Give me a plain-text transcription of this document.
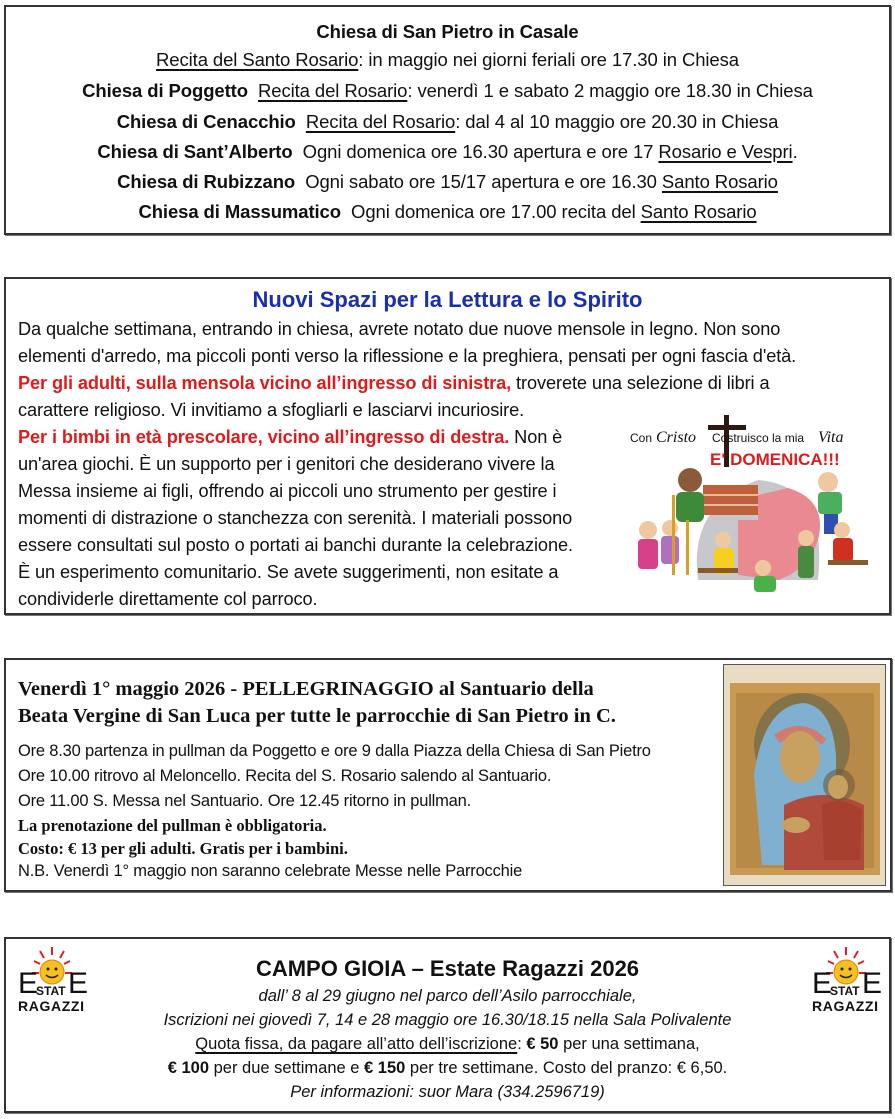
Chiesa di San Pietro in Casale
Recita del Santo Rosario: in maggio nei giorni feriali ore 17.30 in Chiesa
Chiesa di Poggetto Recita del Rosario: venerdì 1 e sabato 2 maggio ore 18.30 in Chiesa
Chiesa di Cenacchio Recita del Rosario: dal 4 al 10 maggio ore 20.30 in Chiesa
Chiesa di Sant’Alberto Ogni domenica ore 16.30 apertura e ore 17 Rosario e Vespri.
Chiesa di Rubizzano Ogni sabato ore 15/17 apertura e ore 16.30 Santo Rosario
Chiesa di Massumatico Ogni domenica ore 17.00 recita del Santo Rosario
Nuovi Spazi per la Lettura e lo Spirito
Da qualche settimana, entrando in chiesa, avrete notato due nuove mensole in legno. Non sono
elementi d'arredo, ma piccoli ponti verso la riflessione e la preghiera, pensati per ogni fascia d'età.
Per gli adulti, sulla mensola vicino all’ingresso di sinistra, troverete una selezione di libri a
carattere religioso. Vi invitiamo a sfogliarli e lasciarvi incuriosire.
Per i bimbi in età prescolare, vicino all’ingresso di destra. Non è
un'area giochi. È un supporto per i genitori che desiderano vivere la
Messa insieme ai figli, offrendo ai piccoli uno strumento per gestire i
momenti di distrazione o stanchezza con serenità. I materiali possono
essere consultati sul posto o portati ai banchi durante la celebrazione.
È un esperimento comunitario. Se avete suggerimenti, non esitate a
condividerle direttamente col parroco.
Con Cristo Costruisco la mia Vita
E' DOMENICA!!!
Venerdì 1° maggio 2026 - PELLEGRINAGGIO al Santuario della
Beata Vergine di San Luca per tutte le parrocchie di San Pietro in C.
Ore 8.30 partenza in pullman da Poggetto e ore 9 dalla Piazza della Chiesa di San Pietro
Ore 10.00 ritrovo al Meloncello. Recita del S. Rosario salendo al Santuario.
Ore 11.00 S. Messa nel Santuario. Ore 12.45 ritorno in pullman.
La prenotazione del pullman è obbligatoria.
Costo: € 13 per gli adulti. Gratis per i bambini.
N.B. Venerdì 1° maggio non saranno celebrate Messe nelle Parrocchie
E E
STAT
RAGAZZI
E E
STAT
RAGAZZI
CAMPO GIOIA – Estate Ragazzi 2026
dall’ 8 al 29 giugno nel parco dell’Asilo parrocchiale,
Iscrizioni nei giovedì 7, 14 e 28 maggio ore 16.30/18.15 nella Sala Polivalente
Quota fissa, da pagare all’atto dell’iscrizione: € 50 per una settimana,
€ 100 per due settimane e € 150 per tre settimane. Costo del pranzo: € 6,50.
Per informazioni: suor Mara (334.2596719)
